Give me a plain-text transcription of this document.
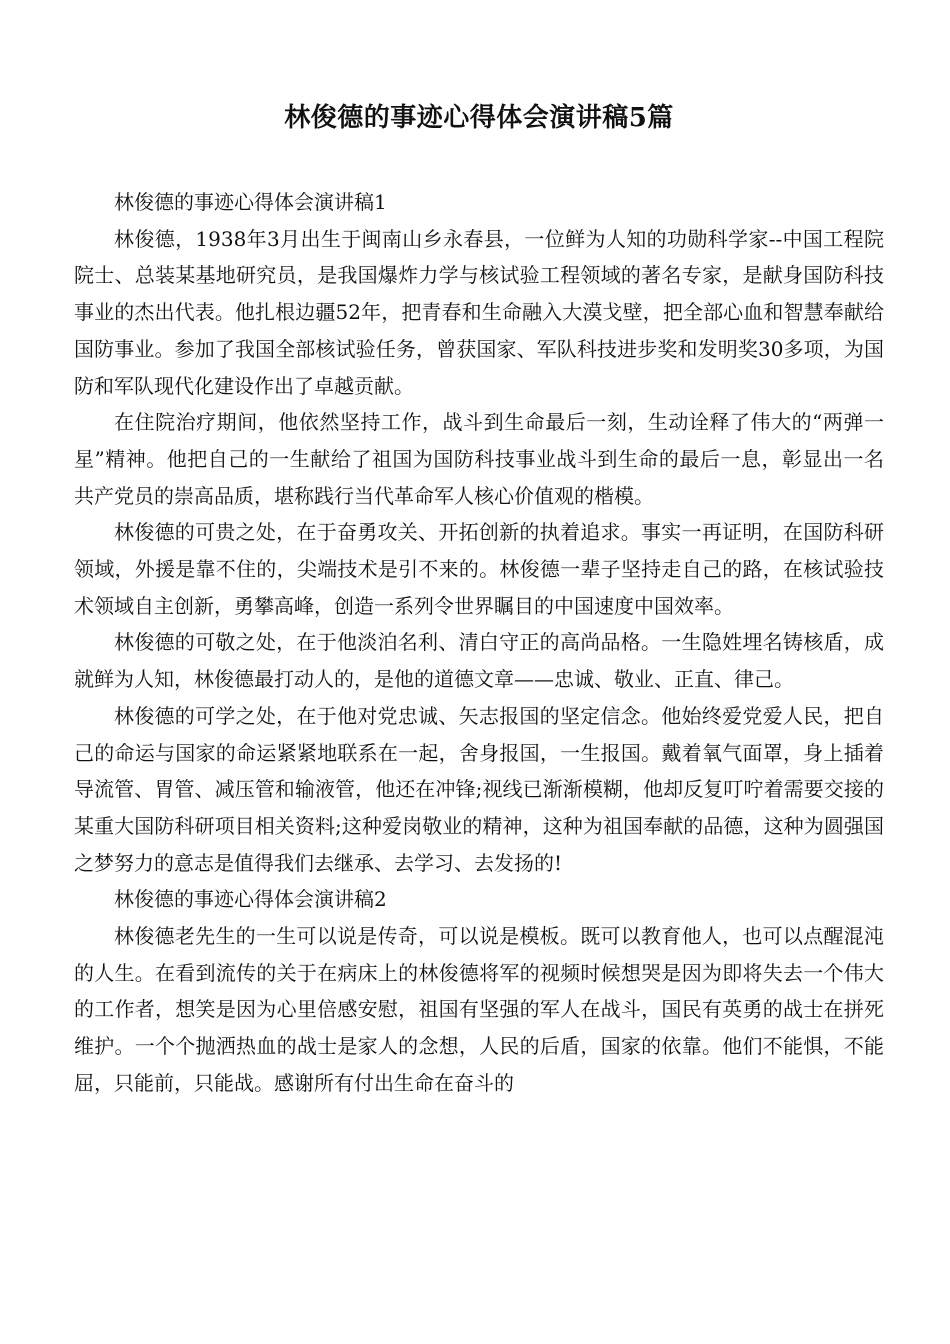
林俊德的事迹心得体会演讲稿5篇

林俊德的事迹心得体会演讲稿1

林俊德，1938年3月出生于闽南山乡永春县，一位鲜为人知的功勋科学家--中国工程院院士、总装某基地研究员，是我国爆炸力学与核试验工程领域的著名专家，是献身国防科技事业的杰出代表。他扎根边疆52年，把青春和生命融入大漠戈壁，把全部心血和智慧奉献给国防事业。参加了我国全部核试验任务，曾获国家、军队科技进步奖和发明奖30多项，为国防和军队现代化建设作出了卓越贡献。

在住院治疗期间，他依然坚持工作，战斗到生命最后一刻，生动诠释了伟大的“两弹一星”精神。他把自己的一生献给了祖国为国防科技事业战斗到生命的最后一息，彰显出一名共产党员的崇高品质，堪称践行当代革命军人核心价值观的楷模。

林俊德的可贵之处，在于奋勇攻关、开拓创新的执着追求。事实一再证明，在国防科研领域，外援是靠不住的，尖端技术是引不来的。林俊德一辈子坚持走自己的路，在核试验技术领域自主创新，勇攀高峰，创造一系列令世界瞩目的中国速度中国效率。

林俊德的可敬之处，在于他淡泊名利、清白守正的高尚品格。一生隐姓埋名铸核盾，成就鲜为人知，林俊德最打动人的，是他的道德文章——忠诚、敬业、正直、律己。

林俊德的可学之处，在于他对党忠诚、矢志报国的坚定信念。他始终爱党爱人民，把自己的命运与国家的命运紧紧地联系在一起，舍身报国，一生报国。戴着氧气面罩，身上插着导流管、胃管、减压管和输液管，他还在冲锋;视线已渐渐模糊，他却反复叮咛着需要交接的某重大国防科研项目相关资料;这种爱岗敬业的精神，这种为祖国奉献的品德，这种为圆强国之梦努力的意志是值得我们去继承、去学习、去发扬的!

林俊德的事迹心得体会演讲稿2

林俊德老先生的一生可以说是传奇，可以说是模板。既可以教育他人，也可以点醒混沌的人生。在看到流传的关于在病床上的林俊德将军的视频时候想哭是因为即将失去一个伟大的工作者，想笑是因为心里倍感安慰，祖国有坚强的军人在战斗，国民有英勇的战士在拼死维护。一个个抛洒热血的战士是家人的念想，人民的后盾，国家的依靠。他们不能惧，不能屈，只能前，只能战。感谢所有付出生命在奋斗的
